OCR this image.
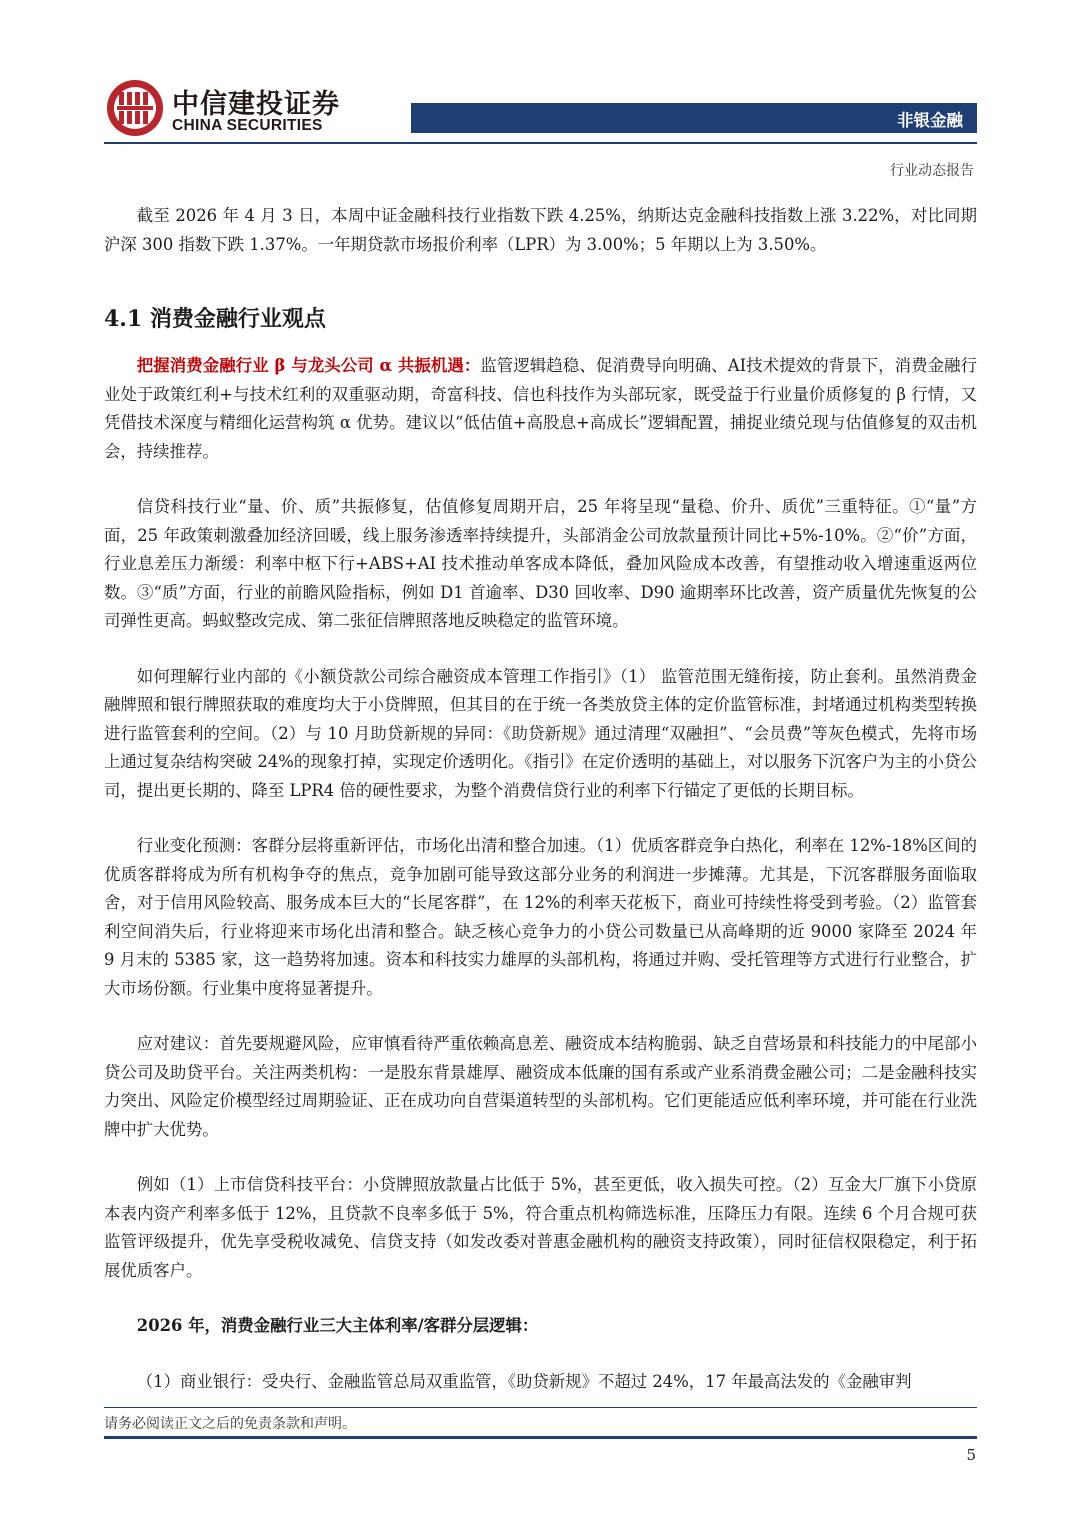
中信建投证券
CHINA SECURITIES	非银金融
行业动态报告

截至 2026 年 4 月 3 日，本周中证金融科技行业指数下跌 4.25%，纳斯达克金融科技指数上涨 3.22%，对比同期沪深 300 指数下跌 1.37%。一年期贷款市场报价利率（LPR）为 3.00%；5 年期以上为 3.50%。

4.1 消费金融行业观点

把握消费金融行业 β 与龙头公司 α 共振机遇：监管逻辑趋稳、促消费导向明确、AI技术提效的背景下，消费金融行业处于政策红利+与技术红利的双重驱动期，奇富科技、信也科技作为头部玩家，既受益于行业量价质修复的 β 行情，又凭借技术深度与精细化运营构筑 α 优势。建议以“低估值+高股息+高成长”逻辑配置，捕捉业绩兑现与估值修复的双击机会，持续推荐。

信贷科技行业“量、价、质”共振修复，估值修复周期开启，25 年将呈现“量稳、价升、质优”三重特征。①“量”方面，25 年政策刺激叠加经济回暖，线上服务渗透率持续提升，头部消金公司放款量预计同比+5%-10%。②“价”方面，行业息差压力渐缓：利率中枢下行+ABS+AI 技术推动单客成本降低，叠加风险成本改善，有望推动收入增速重返两位数。③“质”方面，行业的前瞻风险指标，例如 D1 首逾率、D30 回收率、D90 逾期率环比改善，资产质量优先恢复的公司弹性更高。蚂蚁整改完成、第二张征信牌照落地反映稳定的监管环境。

如何理解行业内部的《小额贷款公司综合融资成本管理工作指引》（1） 监管范围无缝衔接，防止套利。虽然消费金融牌照和银行牌照获取的难度均大于小贷牌照，但其目的在于统一各类放贷主体的定价监管标准，封堵通过机构类型转换进行监管套利的空间。（2）与 10 月助贷新规的异同：《助贷新规》通过清理“双融担”、“会员费”等灰色模式，先将市场上通过复杂结构突破 24%的现象打掉，实现定价透明化。《指引》在定价透明的基础上，对以服务下沉客户为主的小贷公司，提出更长期的、降至 LPR4 倍的硬性要求，为整个消费信贷行业的利率下行锚定了更低的长期目标。

行业变化预测：客群分层将重新评估，市场化出清和整合加速。（1）优质客群竞争白热化，利率在 12%-18%区间的优质客群将成为所有机构争夺的焦点，竞争加剧可能导致这部分业务的利润进一步摊薄。尤其是，下沉客群服务面临取舍，对于信用风险较高、服务成本巨大的“长尾客群”，在 12%的利率天花板下，商业可持续性将受到考验。（2）监管套利空间消失后，行业将迎来市场化出清和整合。缺乏核心竞争力的小贷公司数量已从高峰期的近 9000 家降至 2024 年 9 月末的 5385 家，这一趋势将加速。资本和科技实力雄厚的头部机构，将通过并购、受托管理等方式进行行业整合，扩大市场份额。行业集中度将显著提升。

应对建议：首先要规避风险，应审慎看待严重依赖高息差、融资成本结构脆弱、缺乏自营场景和科技能力的中尾部小贷公司及助贷平台。关注两类机构：一是股东背景雄厚、融资成本低廉的国有系或产业系消费金融公司；二是金融科技实力突出、风险定价模型经过周期验证、正在成功向自营渠道转型的头部机构。它们更能适应低利率环境，并可能在行业洗牌中扩大优势。

例如（1）上市信贷科技平台：小贷牌照放款量占比低于 5%，甚至更低，收入损失可控。（2）互金大厂旗下小贷原本表内资产利率多低于 12%，且贷款不良率多低于 5%，符合重点机构筛选标准，压降压力有限。连续 6 个月合规可获监管评级提升，优先享受税收减免、信贷支持（如发改委对普惠金融机构的融资支持政策），同时征信权限稳定，利于拓展优质客户。

2026 年，消费金融行业三大主体利率/客群分层逻辑：

（1）商业银行：受央行、金融监管总局双重监管，《助贷新规》不超过 24%，17 年最高法发的《金融审判

请务必阅读正文之后的免责条款和声明。
5
